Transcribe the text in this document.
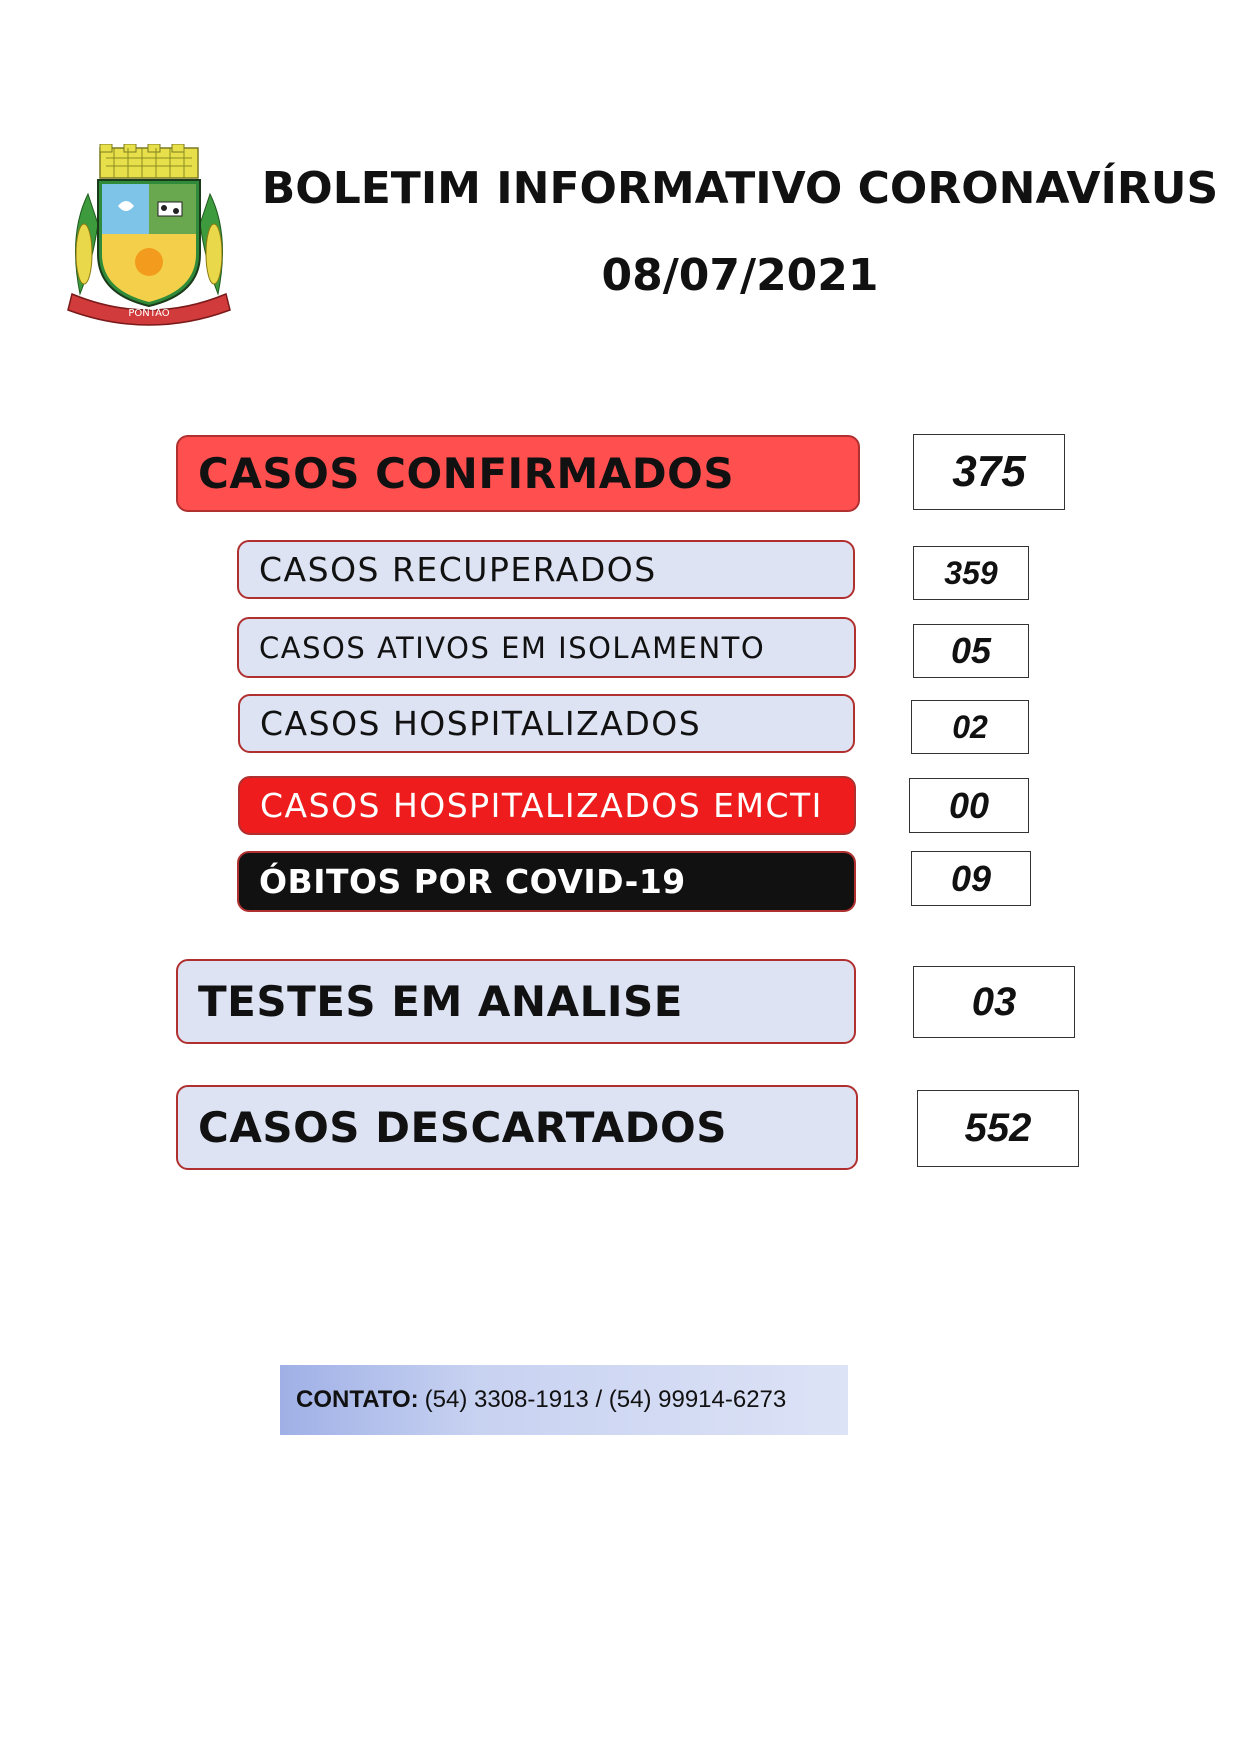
PONTÃO
BOLETIM INFORMATIVO CORONAVÍRUS
08/07/2021
CASOS CONFIRMADOS	375
CASOS RECUPERADOS	359
CASOS ATIVOS EM ISOLAMENTO	05
CASOS HOSPITALIZADOS	02
CASOS HOSPITALIZADOS EMCTI	00
ÓBITOS POR COVID-19	09
TESTES EM ANALISE	03
CASOS DESCARTADOS	552
CONTATO: (54) 3308-1913 / (54) 99914-6273
